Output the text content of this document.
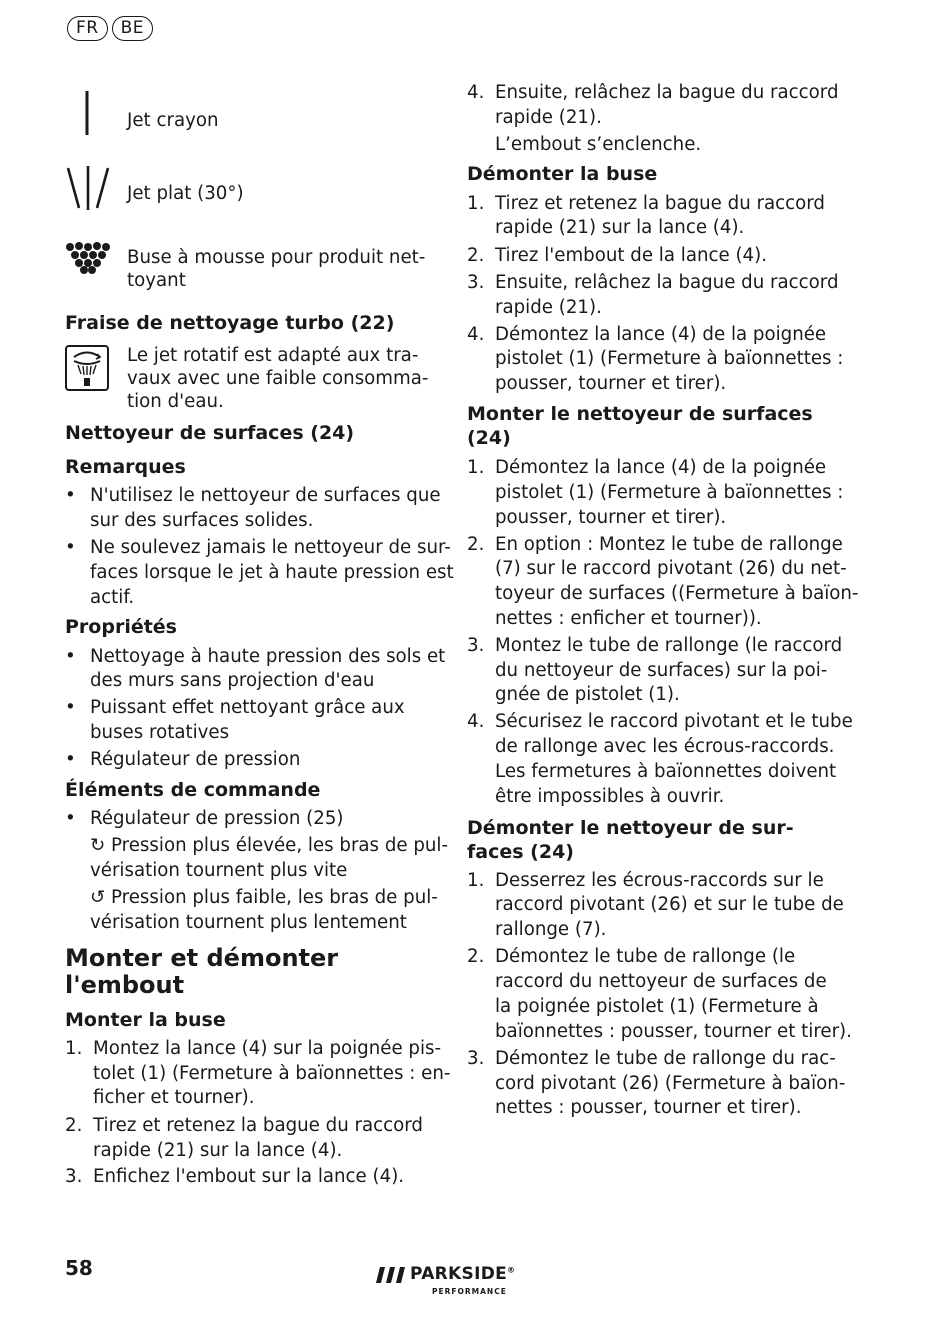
FR	BE
Jet crayon
Jet plat (30°)
Buse à mousse pour produit net-
toyant
Fraise de nettoyage turbo (22)
Le jet rotatif est adapté aux tra-
vaux avec une faible consomma-
tion d'eau.
Nettoyeur de surfaces (24)
Remarques
• N'utilisez le nettoyeur de surfaces que
sur des surfaces solides.
• Ne soulevez jamais le nettoyeur de sur-
faces lorsque le jet à haute pression est
actif.
Propriétés
• Nettoyage à haute pression des sols et
des murs sans projection d'eau
• Puissant effet nettoyant grâce aux
buses rotatives
• Régulateur de pression
Éléments de commande
• Régulateur de pression (25)
↻ Pression plus élevée, les bras de pul-
vérisation tournent plus vite
↺ Pression plus faible, les bras de pul-
vérisation tournent plus lentement
Monter et démonter
l'embout
Monter la buse
1. Montez la lance (4) sur la poignée pis-
tolet (1) (Fermeture à baïonnettes : en-
ficher et tourner).
2. Tirez et retenez la bague du raccord
rapide (21) sur la lance (4).
3. Enfichez l'embout sur la lance (4).
4. Ensuite, relâchez la bague du raccord
rapide (21).
L’embout s’enclenche.
Démonter la buse
1. Tirez et retenez la bague du raccord
rapide (21) sur la lance (4).
2. Tirez l'embout de la lance (4).
3. Ensuite, relâchez la bague du raccord
rapide (21).
4. Démontez la lance (4) de la poignée
pistolet (1) (Fermeture à baïonnettes :
pousser, tourner et tirer).
Monter le nettoyeur de surfaces
(24)
1. Démontez la lance (4) de la poignée
pistolet (1) (Fermeture à baïonnettes :
pousser, tourner et tirer).
2. En option : Montez le tube de rallonge
(7) sur le raccord pivotant (26) du net-
toyeur de surfaces ((Fermeture à baïon-
nettes : enficher et tourner)).
3. Montez le tube de rallonge (le raccord
du nettoyeur de surfaces) sur la poi-
gnée de pistolet (1).
4. Sécurisez le raccord pivotant et le tube
de rallonge avec les écrous-raccords.
Les fermetures à baïonnettes doivent
être impossibles à ouvrir.
Démonter le nettoyeur de sur-
faces (24)
1. Desserrez les écrous-raccords sur le
raccord pivotant (26) et sur le tube de
rallonge (7).
2. Démontez le tube de rallonge (le
raccord du nettoyeur de surfaces de
la poignée pistolet (1) (Fermeture à
baïonnettes : pousser, tourner et tirer).
3. Démontez le tube de rallonge du rac-
cord pivotant (26) (Fermeture à baïon-
nettes : pousser, tourner et tirer).
58	PARKSIDE®
PERFORMANCE
